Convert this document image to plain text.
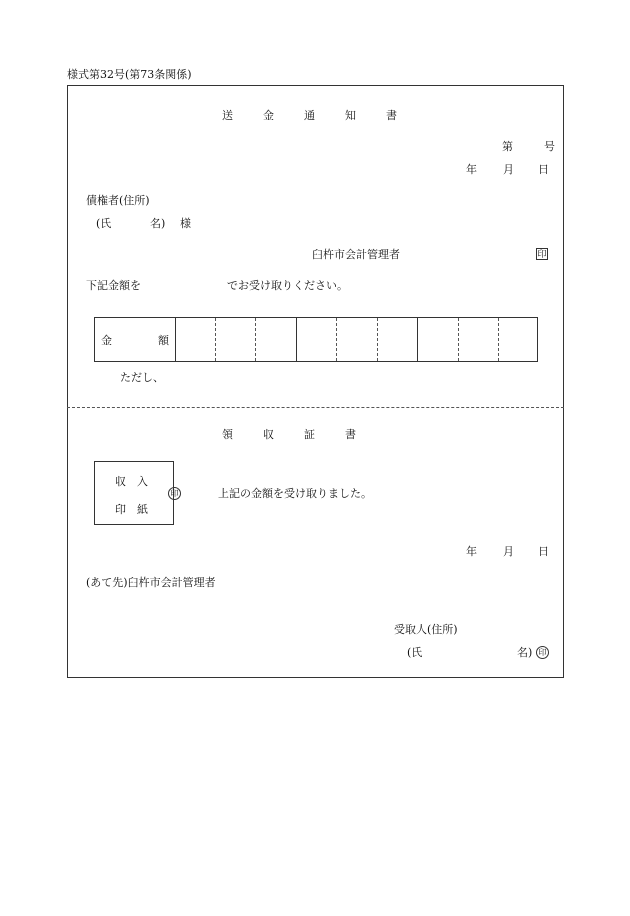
様式第32号(第73条関係)
送金通知書
第　　号
年 月 日
債権者(住所)
(氏	名) 様
臼杵市会計管理者	印
下記金額を	でお受け取りください。
金	額
ただし、
領収証書
収　入
印　紙
印	上記の金額を受け取りました。
年 月 日
(あて先)臼杵市会計管理者
受取人(住所)
(氏	名) 印
